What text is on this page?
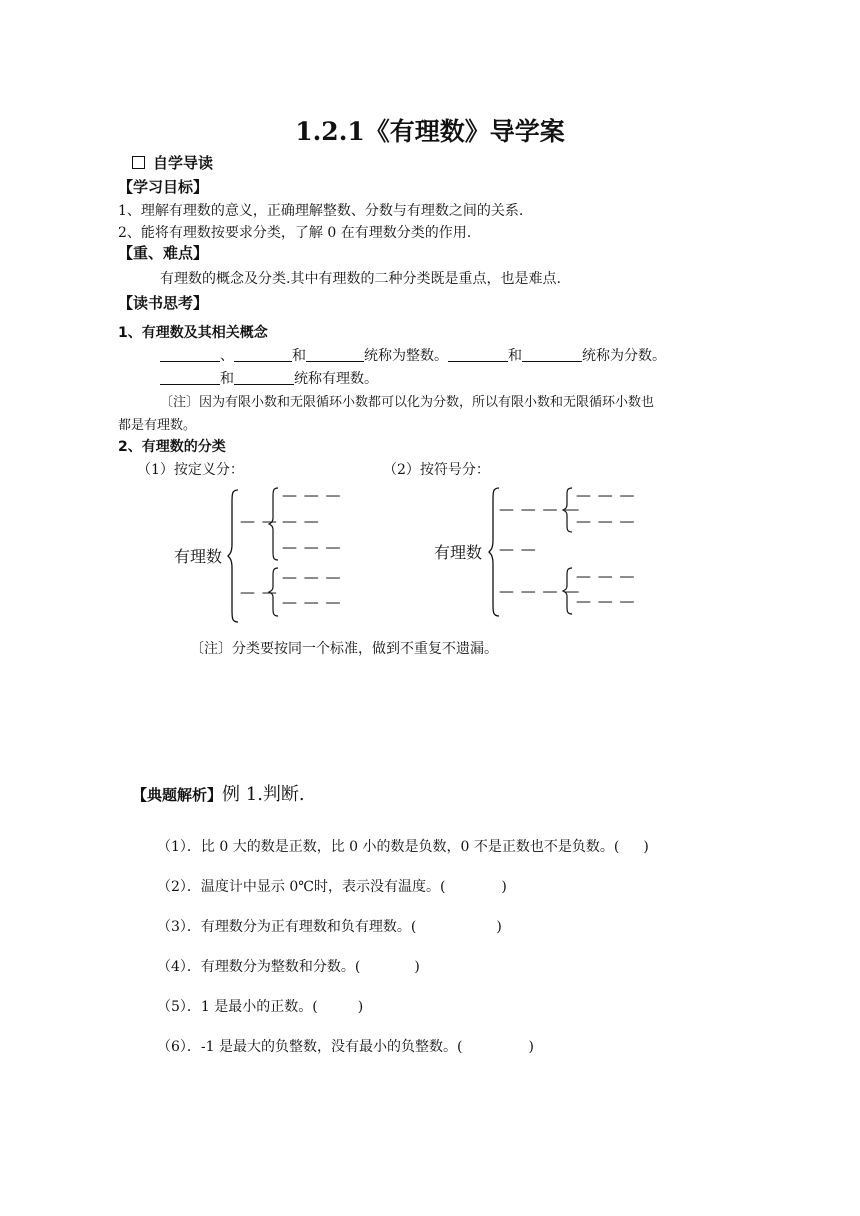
1.2.1《有理数》导学案
自学导读
【学习目标】
1、理解有理数的意义，正确理解整数、分数与有理数之间的关系.
2、能将有理数按要求分类，了解 0 在有理数分类的作用.
【重、难点】
有理数的概念及分类.其中有理数的二种分类既是重点，也是难点.
【读书思考】
1、有理数及其相关概念
、	和	统称为整数。	和	统称为分数。
和	统称有理数。
〔注〕因为有限小数和无限循环小数都可以化为分数，所以有限小数和无限循环小数也
都是有理数。
2、有理数的分类
（1）按定义分：	（2）按符号分：
有理数
— —
— — —
— —
— — —
— —
— — —
— — —
有理数
— — — —
— — —
— — —
— —
— — — —
— — —
— — —
〔注〕分类要按同一个标准，做到不重复不遗漏。
【典题解析】例 1.判断.
（1）．比 0 大的数是正数，比 0 小的数是负数，0 不是正数也不是负数。( )
（2）．温度计中显示 0℃时，表示没有温度。(	)
（3）．有理数分为正有理数和负有理数。(	)
（4）．有理数分为整数和分数。(	)
（5）．1 是最小的正数。(	)
（6）．-1 是最大的负整数，没有最小的负整数。(	)
